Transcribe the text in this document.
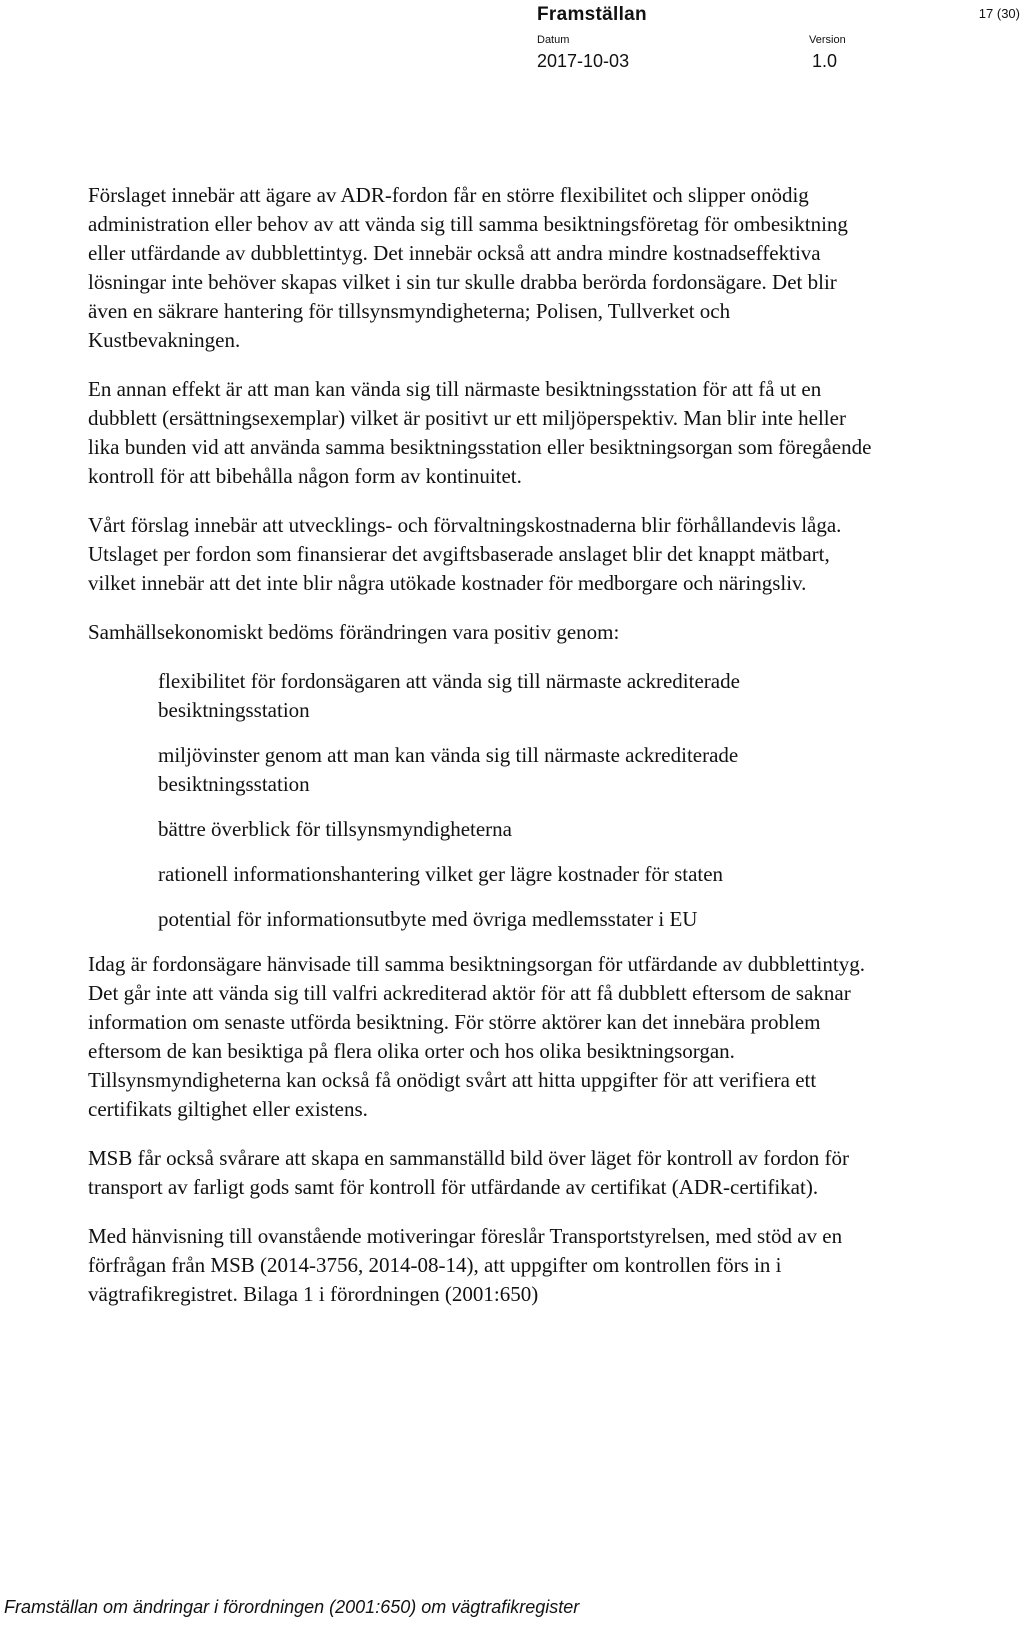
Framställan	17 (30)
Datum
2017-10-03
Version
1.0

Förslaget innebär att ägare av ADR-fordon får en större flexibilitet och slipper onödig administration eller behov av att vända sig till samma besiktningsföretag för ombesiktning eller utfärdande av dubblettintyg. Det innebär också att andra mindre kostnadseffektiva lösningar inte behöver skapas vilket i sin tur skulle drabba berörda fordonsägare. Det blir även en säkrare hantering för tillsynsmyndigheterna; Polisen, Tullverket och Kustbevakningen.

En annan effekt är att man kan vända sig till närmaste besiktningsstation för att få ut en dubblett (ersättningsexemplar) vilket är positivt ur ett miljöperspektiv. Man blir inte heller lika bunden vid att använda samma besiktningsstation eller besiktningsorgan som föregående kontroll för att bibehålla någon form av kontinuitet.

Vårt förslag innebär att utvecklings- och förvaltningskostnaderna blir förhållandevis låga. Utslaget per fordon som finansierar det avgiftsbaserade anslaget blir det knappt mätbart, vilket innebär att det inte blir några utökade kostnader för medborgare och näringsliv.

Samhällsekonomiskt bedöms förändringen vara positiv genom:

flexibilitet för fordonsägaren att vända sig till närmaste ackrediterade besiktningsstation
miljövinster genom att man kan vända sig till närmaste ackrediterade besiktningsstation
bättre överblick för tillsynsmyndigheterna
rationell informationshantering vilket ger lägre kostnader för staten
potential för informationsutbyte med övriga medlemsstater i EU

Idag är fordonsägare hänvisade till samma besiktningsorgan för utfärdande av dubblettintyg. Det går inte att vända sig till valfri ackrediterad aktör för att få dubblett eftersom de saknar information om senaste utförda besiktning. För större aktörer kan det innebära problem eftersom de kan besiktiga på flera olika orter och hos olika besiktningsorgan. Tillsynsmyndigheterna kan också få onödigt svårt att hitta uppgifter för att verifiera ett certifikats giltighet eller existens.

MSB får också svårare att skapa en sammanställd bild över läget för kontroll av fordon för transport av farligt gods samt för kontroll för utfärdande av certifikat (ADR-certifikat).

Med hänvisning till ovanstående motiveringar föreslår Transportstyrelsen, med stöd av en förfrågan från MSB (2014-3756, 2014-08-14), att uppgifter om kontrollen förs in i vägtrafikregistret. Bilaga 1 i förordningen (2001:650)

Framställan om ändringar i förordningen (2001:650) om vägtrafikregister
